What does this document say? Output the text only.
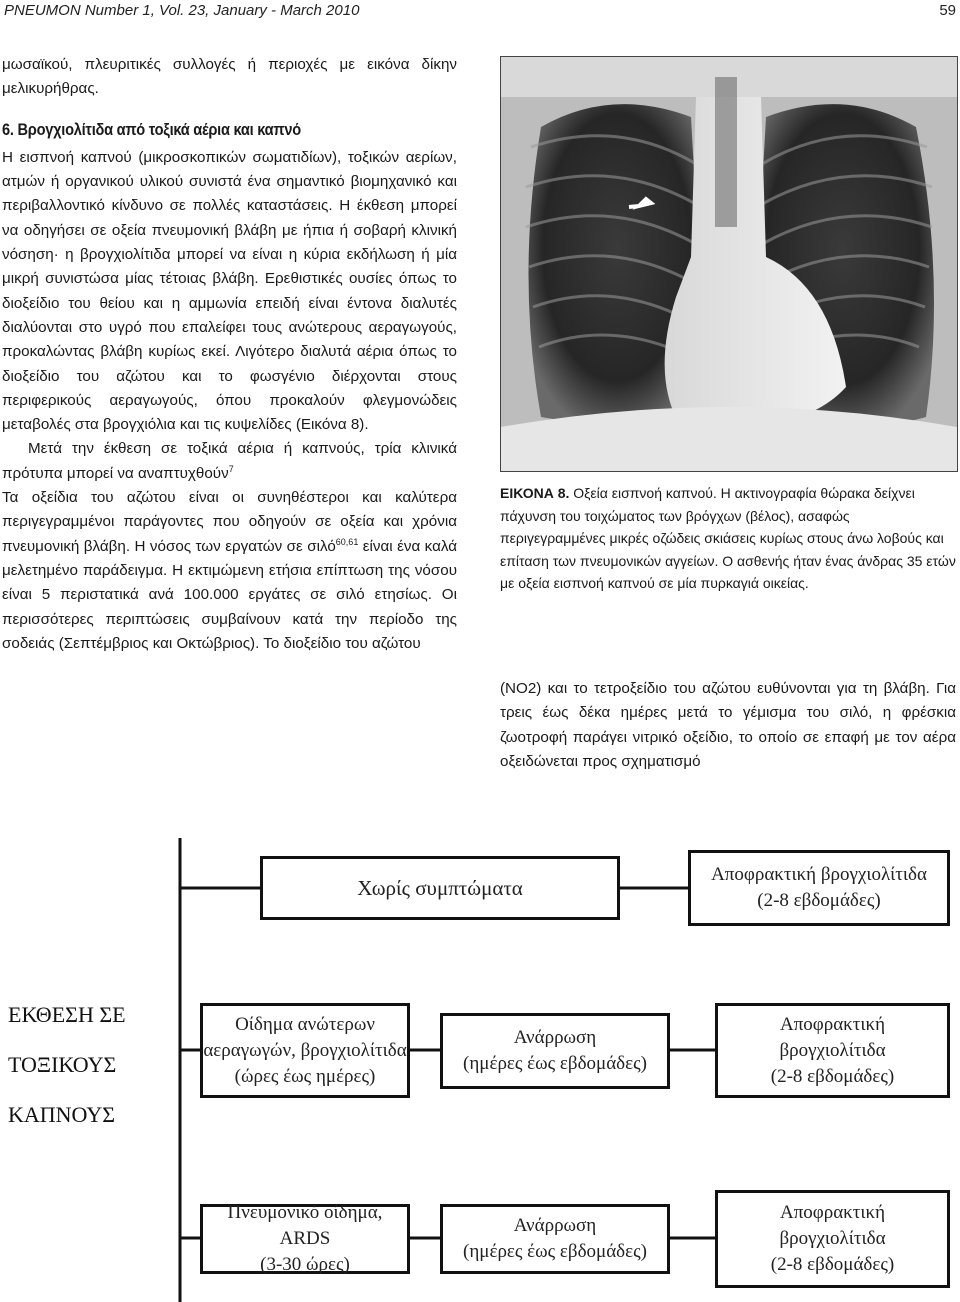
PNEUMON Number 1, Vol. 23, January - March 2010	59

μωσαϊκού, πλευριτικές συλλογές ή περιοχές με εικόνα δίκην μελικυρήθρας.

6. Βρογχιολίτιδα από τοξικά αέρια και καπνό

Η εισπνοή καπνού (μικροσκοπικών σωματιδίων), τοξικών αερίων, ατμών ή οργανικού υλικού συνιστά ένα σημαντικό βιομηχανικό και περιβαλλοντικό κίνδυνο σε πολλές καταστάσεις. Η έκθεση μπορεί να οδηγήσει σε οξεία πνευμονική βλάβη με ήπια ή σοβαρή κλινική νόσηση· η βρογχιολίτιδα μπορεί να είναι η κύρια εκδήλωση ή μία μικρή συνιστώσα μίας τέτοιας βλάβη. Ερεθιστικές ουσίες όπως το διοξείδιο του θείου και η αμμωνία επειδή είναι έντονα διαλυτές διαλύονται στο υγρό που επαλείφει τους ανώτερους αεραγωγούς, προκαλώντας βλάβη κυρίως εκεί. Λιγότερο διαλυτά αέρια όπως το διοξείδιο του αζώτου και το φωσγένιο διέρχονται στους περιφερικούς αεραγωγούς, όπου προκαλούν φλεγμονώδεις μεταβολές στα βρογχιόλια και τις κυψελίδες (Εικόνα 8).

Μετά την έκθεση σε τοξικά αέρια ή καπνούς, τρία κλινικά πρότυπα μπορεί να αναπτυχθούν$^7$

Τα οξείδια του αζώτου είναι οι συνηθέστεροι και καλύτερα περιγεγραμμένοι παράγοντες που οδηγούν σε οξεία και χρόνια πνευμονική βλάβη. Η νόσος των εργατών σε σιλό$^{60,61}$ είναι ένα καλά μελετημένο παράδειγμα. Η εκτιμώμενη ετήσια επίπτωση της νόσου είναι 5 περιστατικά ανά 100.000 εργάτες σε σιλό ετησίως. Οι περισσότερες περιπτώσεις συμβαίνουν κατά την περίοδο της σοδειάς (Σεπτέμβριος και Οκτώβριος). Το διοξείδιο του αζώτου

ΕΙΚΟΝΑ 8. Οξεία εισπνοή καπνού. Η ακτινογραφία θώρακα δείχνει πάχυνση του τοιχώματος των βρόγχων (βέλος), ασαφώς περιγεγραμμένες μικρές οζώδεις σκιάσεις κυρίως στους άνω λοβούς και επίταση των πνευμονικών αγγείων. Ο ασθενής ήταν ένας άνδρας 35 ετών με οξεία εισπνοή καπνού σε μία πυρκαγιά οικείας.
(NO2) και το τετροξείδιο του αζώτου ευθύνονται για τη βλάβη. Για τρεις έως δέκα ημέρες μετά το γέμισμα του σιλό, η φρέσκια ζωοτροφή παράγει νιτρικό οξείδιο, το οποίο σε επαφή με τον αέρα οξειδώνεται προς σχηματισμό
ΕΚΘΕΣΗ ΣΕ
ΤΟΞΙΚΟΥΣ
ΚΑΠΝΟΥΣ
Χωρίς συμπτώματα
Αποφρακτική βρογχιολίτιδα
(2-8 εβδομάδες)
Οίδημα ανώτερων
αεραγωγών, βρογχιολίτιδα
(ώρες έως ημέρες)
Ανάρρωση
(ημέρες έως εβδομάδες)
Αποφρακτική
βρογχιολίτιδα
(2-8 εβδομάδες)
Πνευμονικό οίδημα, ARDS
(3-30 ώρες)
Ανάρρωση
(ημέρες έως εβδομάδες)
Αποφρακτική
βρογχιολίτιδα
(2-8 εβδομάδες)
